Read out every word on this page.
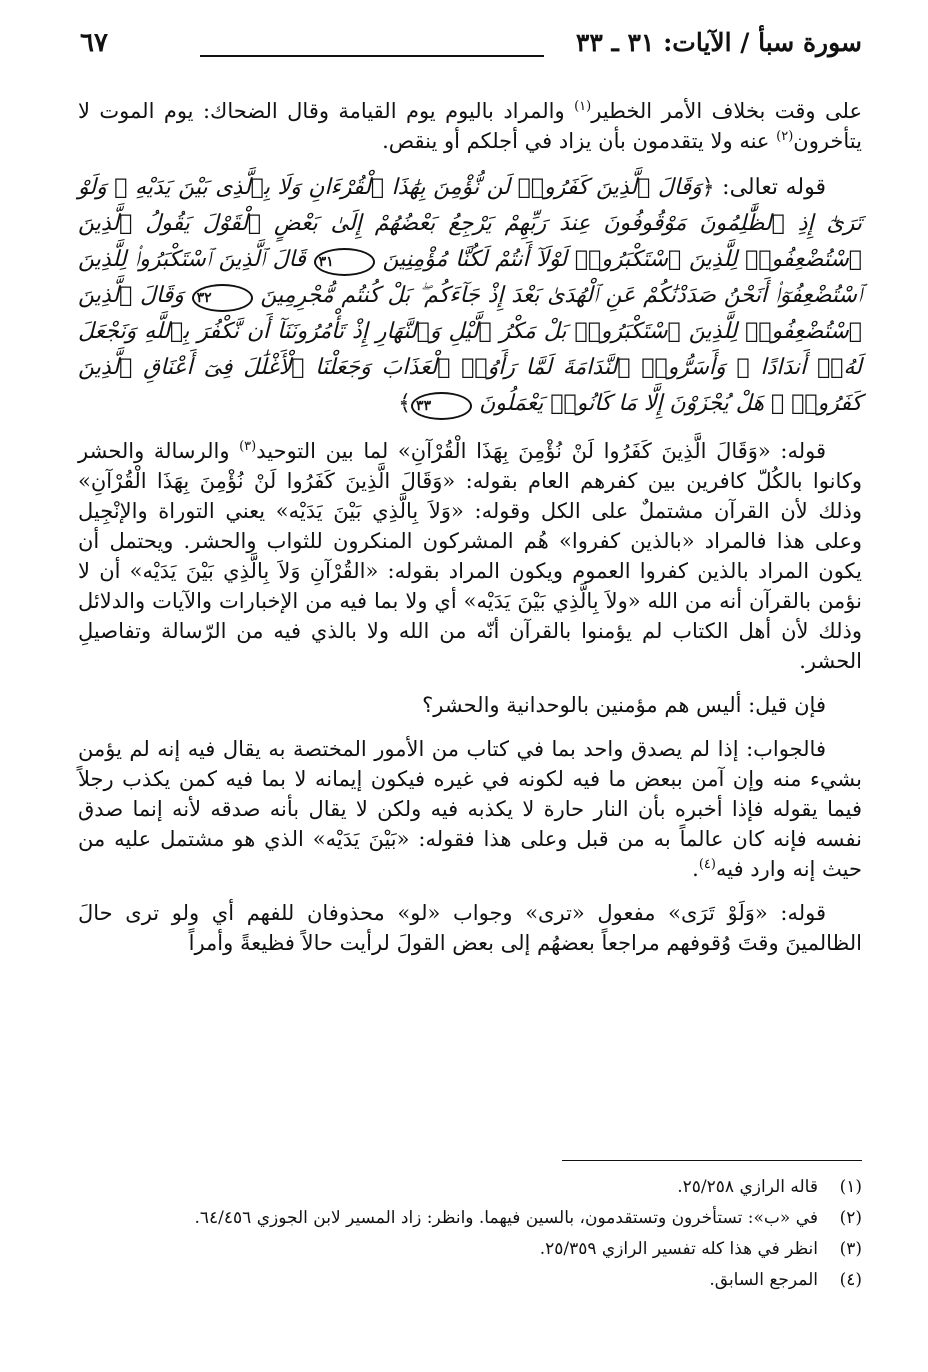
سورة سبأ / الآيات: ٣١ ـ ٣٣
٦٧

على وقت بخلاف الأمر الخطير$^{(١)}$ والمراد باليوم يوم القيامة وقال الضحاك: يوم الموت لا يتأخرون$^{(٢)}$ عنه ولا يتقدمون بأن يزاد في أجلكم أو ينقص.

قوله تعالى: ﴿وَقَالَ ٱلَّذِينَ كَفَرُوا۟ لَن نُّؤْمِنَ بِهَٰذَا ٱلْقُرْءَانِ وَلَا بِٱلَّذِى بَيْنَ يَدَيْهِ ۗ وَلَوْ تَرَىٰٓ إِذِ ٱلظَّٰلِمُونَ مَوْقُوفُونَ عِندَ رَبِّهِمْ يَرْجِعُ بَعْضُهُمْ إِلَىٰ بَعْضٍ ٱلْقَوْلَ يَقُولُ ٱلَّذِينَ ٱسْتُضْعِفُوا۟ لِلَّذِينَ ٱسْتَكْبَرُوا۟ لَوْلَآ أَنتُمْ لَكُنَّا مُؤْمِنِينَ ٣١ قَالَ ٱلَّذِينَ ٱسْتَكْبَرُوا۟ لِلَّذِينَ ٱسْتُضْعِفُوٓا۟ أَنَحْنُ صَدَدْنَٰكُمْ عَنِ ٱلْهُدَىٰ بَعْدَ إِذْ جَآءَكُم ۖ بَلْ كُنتُم مُّجْرِمِينَ ٣٢ وَقَالَ ٱلَّذِينَ ٱسْتُضْعِفُوا۟ لِلَّذِينَ ٱسْتَكْبَرُوا۟ بَلْ مَكْرُ ٱلَّيْلِ وَٱلنَّهَارِ إِذْ تَأْمُرُونَنَآ أَن نَّكْفُرَ بِٱللَّهِ وَنَجْعَلَ لَهُۥٓ أَندَادًا ۚ وَأَسَرُّوا۟ ٱلنَّدَامَةَ لَمَّا رَأَوُا۟ ٱلْعَذَابَ وَجَعَلْنَا ٱلْأَغْلَٰلَ فِىٓ أَعْنَاقِ ٱلَّذِينَ كَفَرُوا۟ ۚ هَلْ يُجْزَوْنَ إِلَّا مَا كَانُوا۟ يَعْمَلُونَ ٣٣﴾

قوله: «وَقَالَ الَّذِينَ كَفَرُوا لَنْ نُؤْمِنَ بِهَذَا الْقُرْآنِ» لما بين التوحيد$^{(٣)}$ والرسالة والحشر وكانوا بالكُلّ كافرين بين كفرهم العام بقوله: «وَقَالَ الَّذِينَ كَفَرُوا لَنْ نُؤْمِنَ بِهَذَا الْقُرْآنِ» وذلك لأن القرآن مشتملٌ على الكل وقوله: «وَلاَ بِالَّذِي بَيْنَ يَدَيْه» يعني التوراة والإنْجِيل وعلى هذا فالمراد «بالذين كفروا» هُم المشركون المنكرون للثواب والحشر. ويحتمل أن يكون المراد بالذين كفروا العموم ويكون المراد بقوله: «القُرْآنِ وَلاَ بِالَّذِي بَيْنَ يَدَيْه» أن لا نؤمن بالقرآن أنه من الله «ولاَ بِالَّذِي بَيْنَ يَدَيْه» أي ولا بما فيه من الإخبارات والآيات والدلائل وذلك لأن أهل الكتاب لم يؤمنوا بالقرآن أنّه من الله ولا بالذي فيه من الرّسالة وتفاصيلِ الحشر.

فإن قيل: أليس هم مؤمنين بالوحدانية والحشر؟

فالجواب: إذا لم يصدق واحد بما في كتاب من الأمور المختصة به يقال فيه إنه لم يؤمن بشيء منه وإن آمن ببعض ما فيه لكونه في غيره فيكون إيمانه لا بما فيه كمن يكذب رجلاً فيما يقوله فإذا أخبره بأن النار حارة لا يكذبه فيه ولكن لا يقال بأنه صدقه لأنه إنما صدق نفسه فإنه كان عالماً به من قبل وعلى هذا فقوله: «بَيْنَ يَدَيْه» الذي هو مشتمل عليه من حيث إنه وارد فيه$^{(٤)}$.

قوله: «وَلَوْ تَرَى» مفعول «ترى» وجواب «لو» محذوفان للفهم أي ولو ترى حالَ الظالمينَ وقتَ وُقوفهم مراجعاً بعضهُم إلى بعض القولَ لرأيت حالاً فظيعةً وأمراً

(١)
قاله الرازي ٢٥/٢٥٨.
(٢)
في «ب»: تستأخرون وتستقدمون، بالسين فيهما. وانظر: زاد المسير لابن الجوزي ٦٤/٤٥٦.
(٣)
انظر في هذا كله تفسير الرازي ٢٥/٣٥٩.
(٤)
المرجع السابق.
